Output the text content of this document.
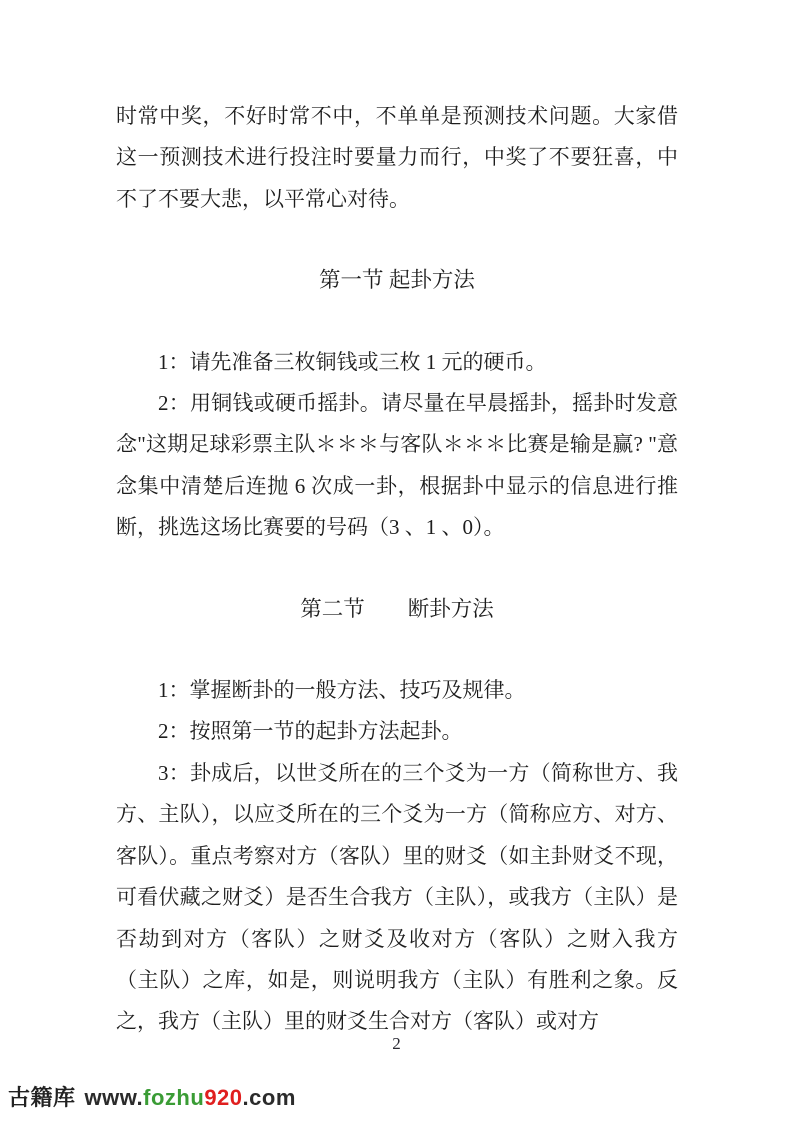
时常中奖，不好时常不中，不单单是预测技术问题。大家借这一预测技术进行投注时要量力而行，中奖了不要狂喜，中不了不要大悲，以平常心对待。

第一节 起卦方法

1：请先准备三枚铜钱或三枚 1 元的硬币。

2：用铜钱或硬币摇卦。请尽量在早晨摇卦，摇卦时发意念"这期足球彩票主队＊＊＊与客队＊＊＊比赛是输是赢? "意念集中清楚后连抛 6 次成一卦，根据卦中显示的信息进行推断，挑选这场比赛要的号码（3 、1 、0）。

第二节　　断卦方法

1：掌握断卦的一般方法、技巧及规律。

2：按照第一节的起卦方法起卦。

3：卦成后，以世爻所在的三个爻为一方（简称世方、我方、主队），以应爻所在的三个爻为一方（简称应方、对方、客队）。重点考察对方（客队）里的财爻（如主卦财爻不现，可看伏藏之财爻）是否生合我方（主队），或我方（主队）是否劫到对方（客队）之财爻及收对方（客队）之财入我方（主队）之库，如是，则说明我方（主队）有胜利之象。反之，我方（主队）里的财爻生合对方（客队）或对方

2
古籍库 www.fozhu920.com
